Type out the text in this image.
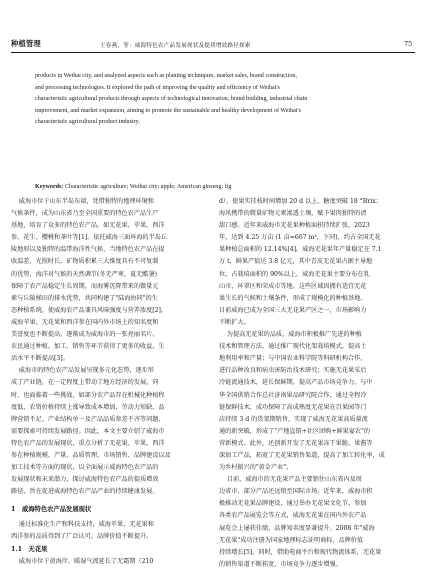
种植管理	王春燕，等：威海特色农产品发展现状及提质增效路径探索	75
products in Weihai city, and analyzed aspects such as planting techniques, market sales, brand construction,
and processing technologies. It explored the path of improving the quality and efficiency of Weihai's
characteristic agricultural products through aspects of technological innovation, brand building, industrial chain
improvement, and market expansion, aiming to promote the sustainable and healthy development of Weihai's
characteristic agricultural product industry.
Keywords: Characteristic agriculture; Weihai city; apple; American ginseng; fig

威海市位于山东半岛东端，凭借独特的地理环境和

气候条件，成为山东省乃至全国重要的特色农产品生产

基地，培育了众多的特色农产品，如无花果、苹果、西洋

参、花生、樱桃和茶叶等[1]。依托威海三面环海的半岛丘

陵地形以及独特的温带海洋性气候，当地特色农产品在提

收温差、光照时长、矿物质积累三大维度具有不可复制

的优势，海洋对气候的天然调节(冬无严寒、夏无酷暑)

保障了农产品稳定生长周期，而海雾沉降带来的微量元

素与丘陵梯田的排水优势，共同构建了"陆海协同"的生

态种植系统，使威海农产品兼具风味强度与营养浓度[2]。

威海苹果、无花果和西洋参在国内外市场上的知名度和

美誉度也不断提高，逐渐成为威海市的一张亮丽名片。

农民通过种植、加工、销售等环节获得了更多的收益，生

活水平不断提高[3]。

威海市的特色农产品发展呈现多元化态势，逐步形

成了产业链，在一定程度上带动了地方经济的发展。同

时，也面临着一些挑战，如部分农产品存在机械化种植程

度低、农资价格持续上涨导致成本增加、劳动力短缺、品

牌营销不足、产业结构单一及产品品质参差不齐等问题，

需要探索可持续发展路径。因此，本文主要介绍了威海市

特色农产品的发展现状，重点分析了无花果、苹果、西洋

参在种植规模、产量、品质管理、市场销售、品牌建设以及

加工技术等方面的现状，以全面展示威海特色农产品的

发展现状和未来潜力，探讨威海特色农产品的提质增效

路径，旨在促进威海特色农产品产业的持续健康发展。

1   威海特色农产品发展现状

通过标准化生产和科技支持，威海苹果、无花果和

西洋参的品质得到了广泛认可，品牌价值不断提升。

1.1   无花果

威海市位于黄海岸，暖湿气流延长了无霜期（210

d），使果实挂枝时间增加 20 d 以上，糖度突破 18 °Brix；

海风携带的微量矿物元素渗透土壤，赋予果肉独特的清

甜口感。近年来威海市无花果种植面积持续扩张，2023

年，达到 4.25 万亩 (1 亩≈667 m²，下同)，约占全国无花

果种植总面积的 12.14%[4]。威海无花果年产量稳定在 7.1

万 t，鲜果产值达 3.8 亿元，其中青皮无花果占据主导地

位，占栽培面积的 90%以上。威海无花果主要分布在乳

山市、环翠区和荣成市等地。这些区域因拥有适宜无花

果生长的气候和土壤条件，形成了规模化的种植基地。

目前威海已成为全国三大无花果产区之一，市场影响力

不断扩大。

为提高无花果的品质，威海市积极推广先进的种植

技术和管理方法。通过推广现代化架栽培模式，提高土

地利用率和产量；与中国农业科学院等科研机构合作，

进行品种改良和病虫害防治技术研究；实施无花果采后

冷链流通技术，延长保鲜期，提高产品市场竞争力。与中

华全国供销合作总社济南果品研究院合作，通过全程冷

链保鲜技术，成功保障了高成熟度无花果在百果园等门

店持续 3 d 的货架期销售，实现了威海无花果高质量流

通的新突破，形成了"产地直销+社区团购+鲜果宴农"的

营新模式。此外，还创新开发了无花果冻干果脆、果酱等

深加工产品，拓宽了无花果销售渠道，提高了加工转化率，成

为乡村振兴的"黄金产业"。

目前，威海市的无花果产品主要销往山东省内及周

边省市，部分产品还远销至国际市场。近年来，威海市积

极推动无花果品牌建设，通过举办无花果文化节、参加

各类农产品展览会等方式，威海无花果在国内外农产品

展览会上屡获佳绩，品牌知名度显著提升。2008 年"威海

无花果"成功注册为国家地理标志证明商标，品牌价值

持续增长[5]。同时，借助电商平台和现代物流体系，无花果

的销售渠道不断拓宽，市场竞争力逐步增强。
